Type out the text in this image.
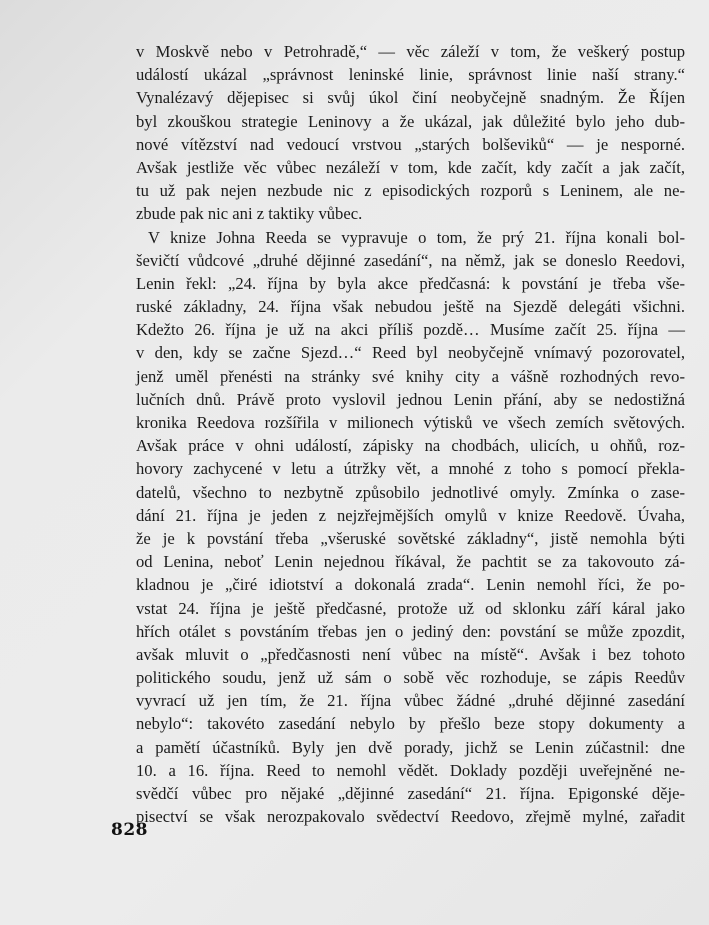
v Moskvě nebo v Petrohradě,“ — věc záleží v tom, že veškerý postup
událostí ukázal „správnost leninské linie, správnost linie naší strany.“
Vynalézavý dějepisec si svůj úkol činí neobyčejně snadným. Že Říjen
byl zkouškou strategie Leninovy a že ukázal, jak důležité bylo jeho dub-
nové vítězství nad vedoucí vrstvou „starých bolševiků“ — je nesporné.
Avšak jestliže věc vůbec nezáleží v tom, kde začít, kdy začít a jak začít,
tu už pak nejen nezbude nic z episodických rozporů s Leninem, ale ne-
zbude pak nic ani z taktiky vůbec.
V knize Johna Reeda se vypravuje o tom, že prý 21. října konali bol-
ševičtí vůdcové „druhé dějinné zasedání“, na němž, jak se doneslo Reedovi,
Lenin řekl: „24. října by byla akce předčasná: k povstání je třeba vše-
ruské základny, 24. října však nebudou ještě na Sjezdě delegáti všichni.
Kdežto 26. října je už na akci příliš pozdě… Musíme začít 25. října —
v den, kdy se začne Sjezd…“ Reed byl neobyčejně vnímavý pozorovatel,
jenž uměl přenésti na stránky své knihy city a vášně rozhodných revo-
lučních dnů. Právě proto vyslovil jednou Lenin přání, aby se nedostižná
kronika Reedova rozšířila v milionech výtisků ve všech zemích světových.
Avšak práce v ohni událostí, zápisky na chodbách, ulicích, u ohňů, roz-
hovory zachycené v letu a útržky vět, a mnohé z toho s pomocí překla-
datelů, všechno to nezbytně způsobilo jednotlivé omyly. Zmínka o zase-
dání 21. října je jeden z nejzřejmějších omylů v knize Reedově. Úvaha,
že je k povstání třeba „všeruské sovětské základny“, jistě nemohla býti
od Lenina, neboť Lenin nejednou říkával, že pachtit se za takovouto zá-
kladnou je „čiré idiotství a dokonalá zrada“. Lenin nemohl říci, že po-
vstat 24. října je ještě předčasné, protože už od sklonku září káral jako
hřích otálet s povstáním třebas jen o jediný den: povstání se může zpozdit,
avšak mluvit o „předčasnosti není vůbec na místě“. Avšak i bez tohoto
politického soudu, jenž už sám o sobě věc rozhoduje, se zápis Reedův
vyvrací už jen tím, že 21. října vůbec žádné „druhé dějinné zasedání
nebylo“: takovéto zasedání nebylo by přešlo beze stopy dokumenty a
a pamětí účastníků. Byly jen dvě porady, jichž se Lenin zúčastnil: dne
10. a 16. října. Reed to nemohl vědět. Doklady později uveřejněné ne-
svědčí vůbec pro nějaké „dějinné zasedání“ 21. října. Epigonské děje-
pisectví se však nerozpakovalo svědectví Reedovo, zřejmě mylné, zařadit
828
